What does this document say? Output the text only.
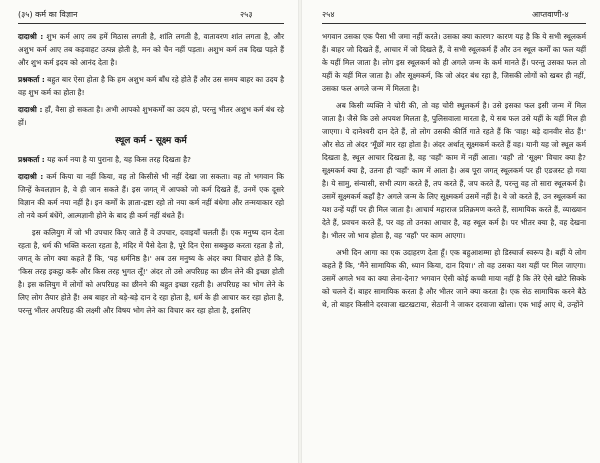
(३५) कर्म का विज्ञान	२५३

दादाश्री : शुभ कर्म आए तब हमें मिठास लगती है, शांति लगती है, वातावरण शांत लगता है, और अशुभ कर्म आए तब कड़वाहट उत्पन्न होती है, मन को चैन नहीं पड़ता। अशुभ कर्म तब दिख पड़ते हैं और शुभ कर्म इदय को आनंद देता है।

प्रश्नकर्ता : बहुत बार ऐसा होता है कि हम अशुभ कर्म बाँध रहे होते हैं और उस समय बाहर का उदय है वह शुभ कर्म का होता है!

दादाश्री : हाँ, वैसा हो सकता है। अभी आपको शुभकर्मों का उदय हो, परन्तु भीतर अशुभ कर्म बंध रहे हों।

स्थूल कर्म - सूक्ष्म कर्म

प्रश्नकर्ता : यह कर्म नया है या पुराना है, यह किस तरह दिखता है?

दादाश्री : कर्म किया या नहीं किया, वह तो किसीसे भी नहीं देखा जा सकता। वह तो भगवान कि जिन्हें केवलज्ञान है, वे ही जान सकते हैं। इस जगत् में आपको जो कर्म दिखते हैं, उनमें एक दूसरे विज्ञान की कर्म नया नहीं है। इन कर्मों के ज्ञाता-द्रष्टा रहो तो नया कर्म नहीं बंधेगा और तन्मयाकार रहो तो नये कर्म बंधेंगे, आत्मज्ञानी होने के बाद ही कर्म नहीं बंधते हैं।

इस कलियुग में जो भी उपचार किए जाते हैं वे उपचार, दवाइयाँ चलती हैं। एक मनुष्य दान देता रहता है, धर्म की भक्ति करता रहता है, मंदिर में पैसे देता है, पूरे दिन ऐसा सबकुछ करता रहता है तो, जगत् के लोग क्या कहते हैं कि, 'यह धर्मनिष्ठ है।' अब उस मनुष्य के अंदर क्या विचार होते हैं कि, 'किस तरह इकट्ठा करूँ और किस तरह भुगत लूँ!' अंदर तो उसे अपरिग्रह का छीन लेने की इच्छा होती है। इस कलियुग में लोगों को अपरिग्रह का छीनने की बहुत इच्छा रहती है। अपरिग्रह का भोग लेने के लिए लोग तैयार होते हैं! अब बाहर तो बड़े-बड़े दान दे रहा होता है, धर्म के ही आचार कर रहा होता है, परन्तु भीतर अपरिग्रह की लक्ष्मी और विषय भोग लेने का विचार कर रहा होता है, इसलिए

२५४	आप्तवाणी-४

भगवान उसका एक पैसा भी जमा नहीं करते। उसका क्या कारण? कारण यह है कि ये सभी स्थूलकर्म हैं। बाहर जो दिखते हैं, आचार में जो दिखते हैं, वे सभी स्थूलकर्म हैं और उन स्थूल कर्मों का फल यहीं के यहीं मिल जाता है। लोग इस स्थूलकर्म को ही अगले जन्म के कर्म मानते हैं। परन्तु उसका फल तो यहीं के यहीं मिल जाता है। और सूक्ष्मकर्म, कि जो अंदर बंध रहा है, जिसकी लोगों को खबर ही नहीं, उसका फल अगले जन्म में मिलता है।

अब किसी व्यक्ति ने चोरी की, तो वह चोरी स्थूलकर्म है। उसे इसका फल इसी जन्म में मिल जाता है। जैसे कि उसे अपयश मिलता है, पुलिसवाला मारता है, ये सब फल उसे यहीं के यहीं मिल ही जाएगा। ये दानेश्वरी दान देते हैं, तो लोग उसकी कीर्ति गाते रहते हैं कि 'वाह! बड़े दानवीर सेठ हैं!' और सेठ तो अंदर 'मूँछों मार रहा होता है। अंदर अर्थात् सूक्ष्मकर्म करते हैं वह। यानी यह जो स्थूल कर्म दिखता है, स्थूल आचार दिखता है, वह 'वहाँ' काम में नहीं आता। 'वहाँ' तो 'सूक्ष्म' विचार क्या है? सूक्ष्मकर्म क्या है, उतना ही 'वहाँ' काम में आता है। अब पूरा जगत् स्थूलकर्म पर ही एडजस्ट हो गया है। ये सामु, संन्यासी, सभी त्याग करते हैं, तप करते हैं, जप करते हैं, परन्तु वह तो सारा स्थूलकर्म है। उसमें सूक्ष्मकर्म कहाँ है? अगले जन्म के लिए सूक्ष्मकर्म उसमें नहीं है। ये जो करते हैं, उन स्थूलकर्म का यश उन्हें यहीं पर ही मिल जाता है। आचार्य महाराज प्रतिक्रमण करते हैं, सामायिक करते हैं, व्याख्यान देते हैं, प्रवचन करते हैं, पर वह तो उनका आचार है, वह स्थूल कर्म है। पर भीतर क्या है, वह देखना है। भीतर जो भाव होता है, वह 'वहाँ' पर काम आएगा।

अभी दिन आगा का एक उदाहरण देता हूँ। एक बहुआशम्मा हो डिस्चार्ज स्वरूप है। बहीं ये लोग कहते हैं कि, 'मैंने सामायिक की, ध्यान किया, दान दिया।' तो वह उसका यश यहीं पर मिल जाएगा। उसमें अगले भव का क्या लेना-देना? भगवान ऐसी कोई कच्ची माया नहीं है कि तेरे ऐसे खोटे सिक्के को चलने दें। बाहर सामायिक करता है और भीतर जाने क्या करता है। एक सेठ सामायिक करने बैठे थे, तो बाहर किसीने दरवाजा खटखटाया, सेठानी ने जाकर दरवाजा खोला। एक भाई आए थे, उन्होंने
